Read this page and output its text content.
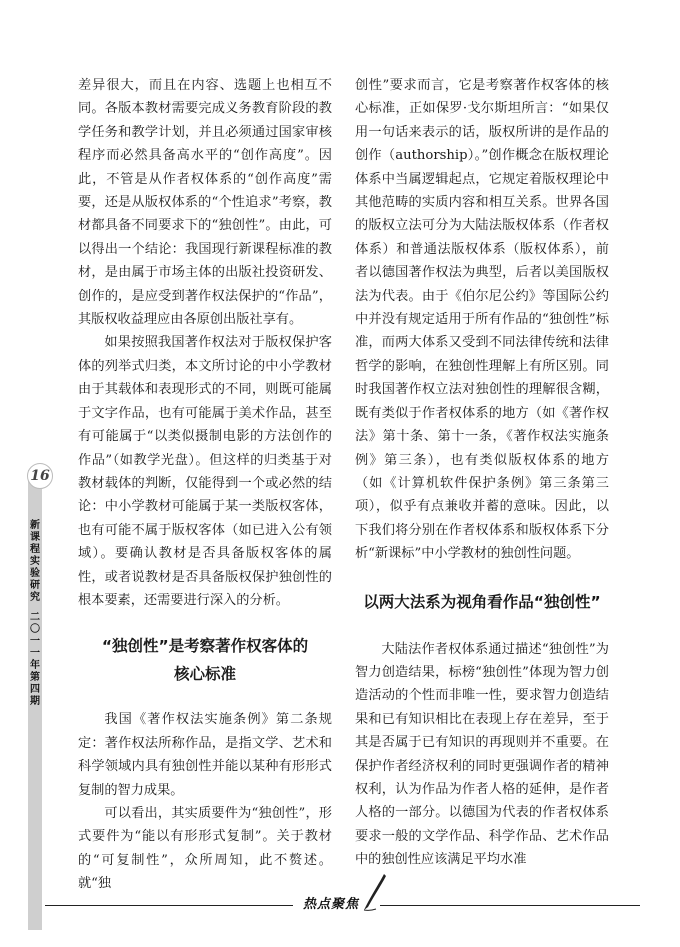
16
新课程实验研究
二〇一一年第四期

差异很大，而且在内容、选题上也相互不同。各版本教材需要完成义务教育阶段的教学任务和教学计划，并且必须通过国家审核程序而必然具备高水平的“创作高度”。因此，不管是从作者权体系的“创作高度”需要，还是从版权体系的“个性追求”考察，教材都具备不同要求下的“独创性”。由此，可以得出一个结论：我国现行新课程标准的教材，是由属于市场主体的出版社投资研发、创作的，是应受到著作权法保护的“作品”，其版权收益理应由各原创出版社享有。

如果按照我国著作权法对于版权保护客体的列举式归类，本文所讨论的中小学教材由于其载体和表现形式的不同，则既可能属于文字作品，也有可能属于美术作品，甚至有可能属于“以类似摄制电影的方法创作的作品”（如教学光盘）。但这样的归类基于对教材载体的判断，仅能得到一个或必然的结论：中小学教材可能属于某一类版权客体，也有可能不属于版权客体（如已进入公有领域）。要确认教材是否具备版权客体的属性，或者说教材是否具备版权保护独创性的根本要素，还需要进行深入的分析。

“独创性”是考察著作权客体的
核心标准

我国《著作权法实施条例》第二条规定：著作权法所称作品，是指文学、艺术和科学领域内具有独创性并能以某种有形形式复制的智力成果。

可以看出，其实质要件为“独创性”，形式要件为“能以有形形式复制”。关于教材的“可复制性”，众所周知，此不赘述。就“独

创性”要求而言，它是考察著作权客体的核心标准，正如保罗·戈尔斯坦所言：“如果仅用一句话来表示的话，版权所讲的是作品的创作（authorship）。”创作概念在版权理论体系中当属逻辑起点，它规定着版权理论中其他范畴的实质内容和相互关系。世界各国的版权立法可分为大陆法版权体系（作者权体系）和普通法版权体系（版权体系），前者以德国著作权法为典型，后者以美国版权法为代表。由于《伯尔尼公约》等国际公约中并没有规定适用于所有作品的“独创性”标准，而两大体系又受到不同法律传统和法律哲学的影响，在独创性理解上有所区别。同时我国著作权立法对独创性的理解很含糊，既有类似于作者权体系的地方（如《著作权法》第十条、第十一条，《著作权法实施条例》第三条），也有类似版权体系的地方（如《计算机软件保护条例》第三条第三项），似乎有点兼收并蓄的意味。因此，以下我们将分别在作者权体系和版权体系下分析“新课标”中小学教材的独创性问题。

以两大法系为视角看作品“独创性”

大陆法作者权体系通过描述“独创性”为智力创造结果，标榜“独创性”体现为智力创造活动的个性而非唯一性，要求智力创造结果和已有知识相比在表现上存在差异，至于其是否属于已有知识的再现则并不重要。在保护作者经济权利的同时更强调作者的精神权利，认为作品为作者人格的延伸，是作者人格的一部分。以德国为代表的作者权体系要求一般的文学作品、科学作品、艺术作品中的独创性应该满足平均水准

热点聚焦
